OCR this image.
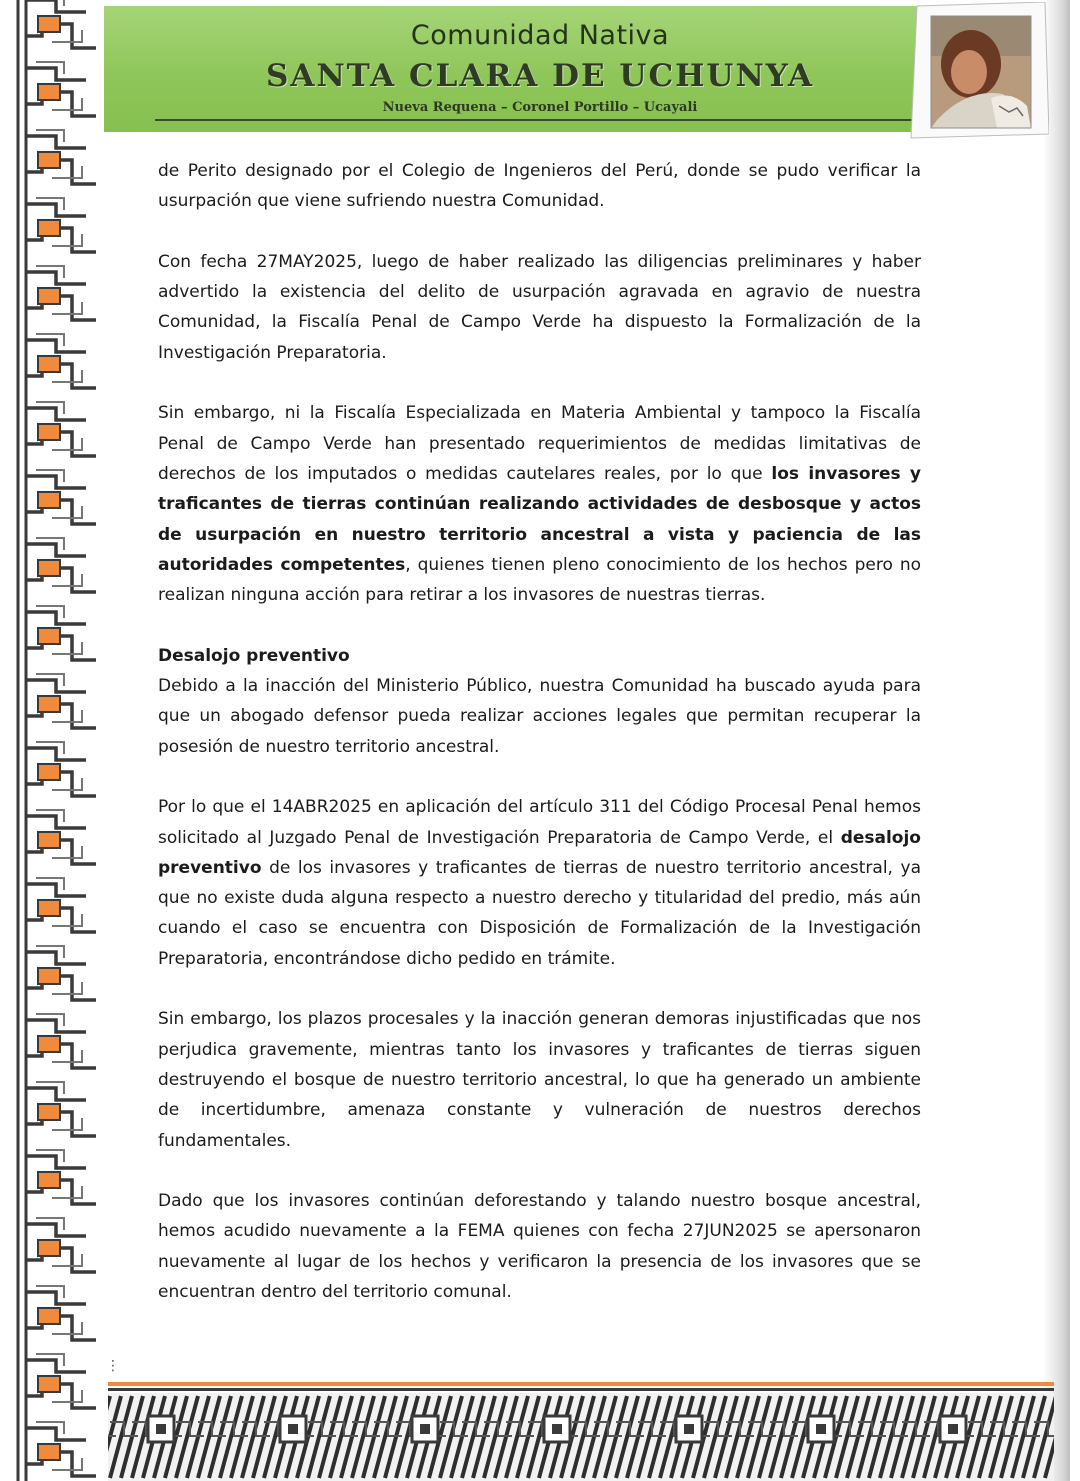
Comunidad Nativa
SANTA CLARA DE UCHUNYA
Nueva Requena – Coronel Portillo – Ucayali

de Perito designado por el Colegio de Ingenieros del Perú, donde se pudo verificar la usurpación que viene sufriendo nuestra Comunidad.

Con fecha 27MAY2025, luego de haber realizado las diligencias preliminares y haber advertido la existencia del delito de usurpación agravada en agravio de nuestra Comunidad, la Fiscalía Penal de Campo Verde ha dispuesto la Formalización de la Investigación Preparatoria.

Sin embargo, ni la Fiscalía Especializada en Materia Ambiental y tampoco la Fiscalía Penal de Campo Verde han presentado requerimientos de medidas limitativas de derechos de los imputados o medidas cautelares reales, por lo que los invasores y traficantes de tierras continúan realizando actividades de desbosque y actos de usurpación en nuestro territorio ancestral a vista y paciencia de las autoridades competentes, quienes tienen pleno conocimiento de los hechos pero no realizan ninguna acción para retirar a los invasores de nuestras tierras.

Desalojo preventivo

Debido a la inacción del Ministerio Público, nuestra Comunidad ha buscado ayuda para que un abogado defensor pueda realizar acciones legales que permitan recuperar la posesión de nuestro territorio ancestral.

Por lo que el 14ABR2025 en aplicación del artículo 311 del Código Procesal Penal hemos solicitado al Juzgado Penal de Investigación Preparatoria de Campo Verde, el desalojo preventivo de los invasores y traficantes de tierras de nuestro territorio ancestral, ya que no existe duda alguna respecto a nuestro derecho y titularidad del predio, más aún cuando el caso se encuentra con Disposición de Formalización de la Investigación Preparatoria, encontrándose dicho pedido en trámite.

Sin embargo, los plazos procesales y la inacción generan demoras injustificadas que nos perjudica gravemente, mientras tanto los invasores y traficantes de tierras siguen destruyendo el bosque de nuestro territorio ancestral, lo que ha generado un ambiente de incertidumbre, amenaza constante y vulneración de nuestros derechos fundamentales.

Dado que los invasores continúan deforestando y talando nuestro bosque ancestral, hemos acudido nuevamente a la FEMA quienes con fecha 27JUN2025 se apersonaron nuevamente al lugar de los hechos y verificaron la presencia de los invasores que se encuentran dentro del territorio comunal.

⋮
